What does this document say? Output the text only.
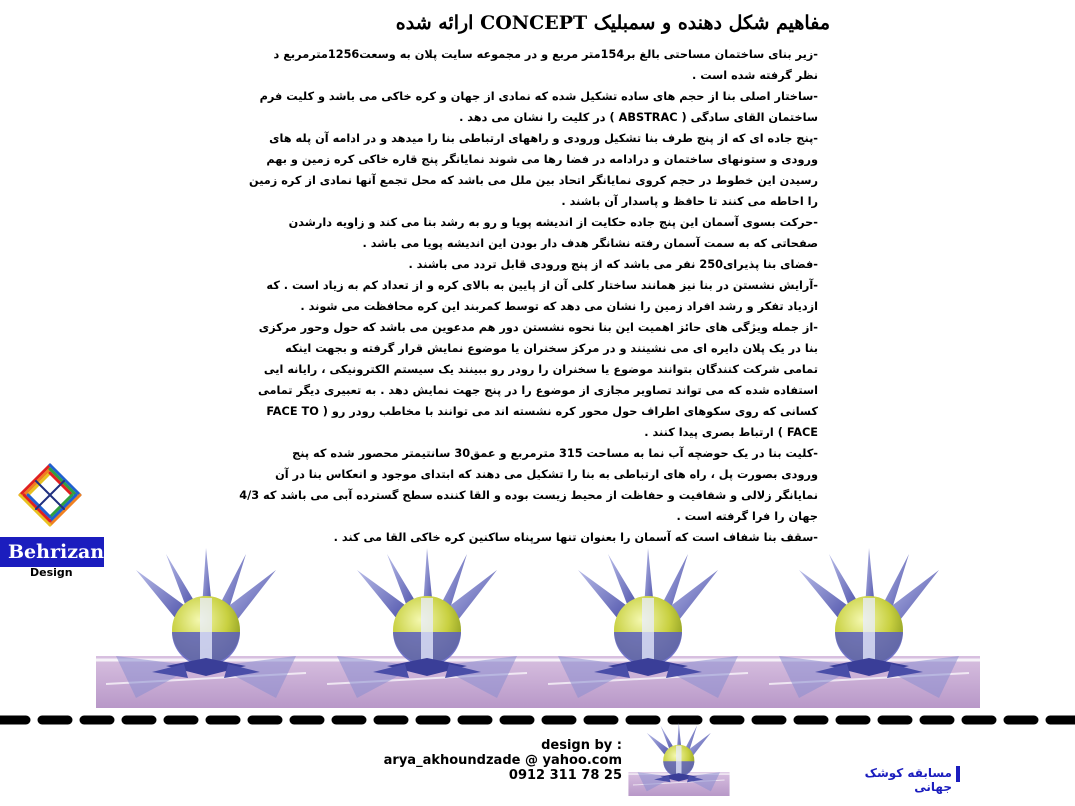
مفاهیم شکل دهنده و سمبلیک CONCEPT ارائه شده
-زیر بنای ساختمان مساحتی بالغ بر154متر مربع و در مجموعه سایت پلان به وسعت1256مترمربع د
نظر گرفته شده است .
-ساختار اصلی بنا از حجم های ساده تشکیل شده که نمادی از جهان و کره خاکی می باشد و کلیت فرم
ساختمان القای سادگی ( ABSTRAC ) در کلیت را نشان می دهد .
-پنج جاده ای که از پنج طرف بنا تشکیل ورودی و راههای ارتباطی بنا را میدهد و در ادامه آن پله های
ورودی و ستونهای ساختمان و درادامه در فضا رها می شوند نمایانگر پنج قاره خاکی کره زمین و بهم
رسیدن این خطوط در حجم کروی نمایانگر اتحاد بین ملل می باشد که محل تجمع آنها نمادی از کره زمین
را احاطه می کنند تا حافظ و پاسدار آن باشند .
-حرکت بسوی آسمان این پنج جاده حکایت از اندیشه پویا و رو به رشد بنا می کند و زاویه دارشدن
صفحاتی که به سمت آسمان رفته نشانگر هدف دار بودن این اندیشه پویا می باشد .
-فضای بنا پذیرای250 نفر می باشد که از پنج ورودی قابل تردد می باشند .
-آرایش نشستن در بنا نیز همانند ساختار کلی آن از پایین به بالای کره و از تعداد کم به زیاد است . که
ازدیاد تفکر و رشد افراد زمین را نشان می دهد که توسط کمربند این کره محافظت می شوند .
-از جمله ویژگی های حائز اهمیت این بنا نحوه نشستن دور هم مدعوین می باشد که حول وحور مرکزی
بنا در یک پلان دایره ای می نشینند و در مرکز سخنران یا موضوع نمایش قرار گرفته و بجهت اینکه
تمامی شرکت کنندگان بتوانند موضوع یا سخنران را رودر رو ببینند یک سیستم الکترونیکی ، رایانه ایی
استفاده شده که می تواند تصاویر مجازی از موضوع را در پنج جهت نمایش دهد . به تعبیری دیگر تمامی
کسانی که روی سکوهای اطراف حول محور کره نشسته اند می توانند با مخاطب رودر رو ( FACE TO
FACE ) ارتباط بصری پیدا کنند .
-کلیت بنا در یک حوضچه آب نما به مساحت 315 مترمربع و عمق30 سانتیمتر محصور شده که پنج
ورودی بصورت پل ، راه های ارتباطی به بنا را تشکیل می دهند که ابتدای موجود و انعکاس بنا در آن
نمایانگر زلالی و شفافیت و حفاظت از محیط زیست بوده و القا کننده سطح گسترده آبی می باشد که 4/3
جهان را فرا گرفته است .
-سقف بنا شفاف است که آسمان را بعنوان تنها سرپناه ساکنین کره خاکی القا می کند .
Behrizan
Design
design by :
arya_akhoundzade @ yahoo.com
0912 311 78 25	مسابقه کوشک جهانی
